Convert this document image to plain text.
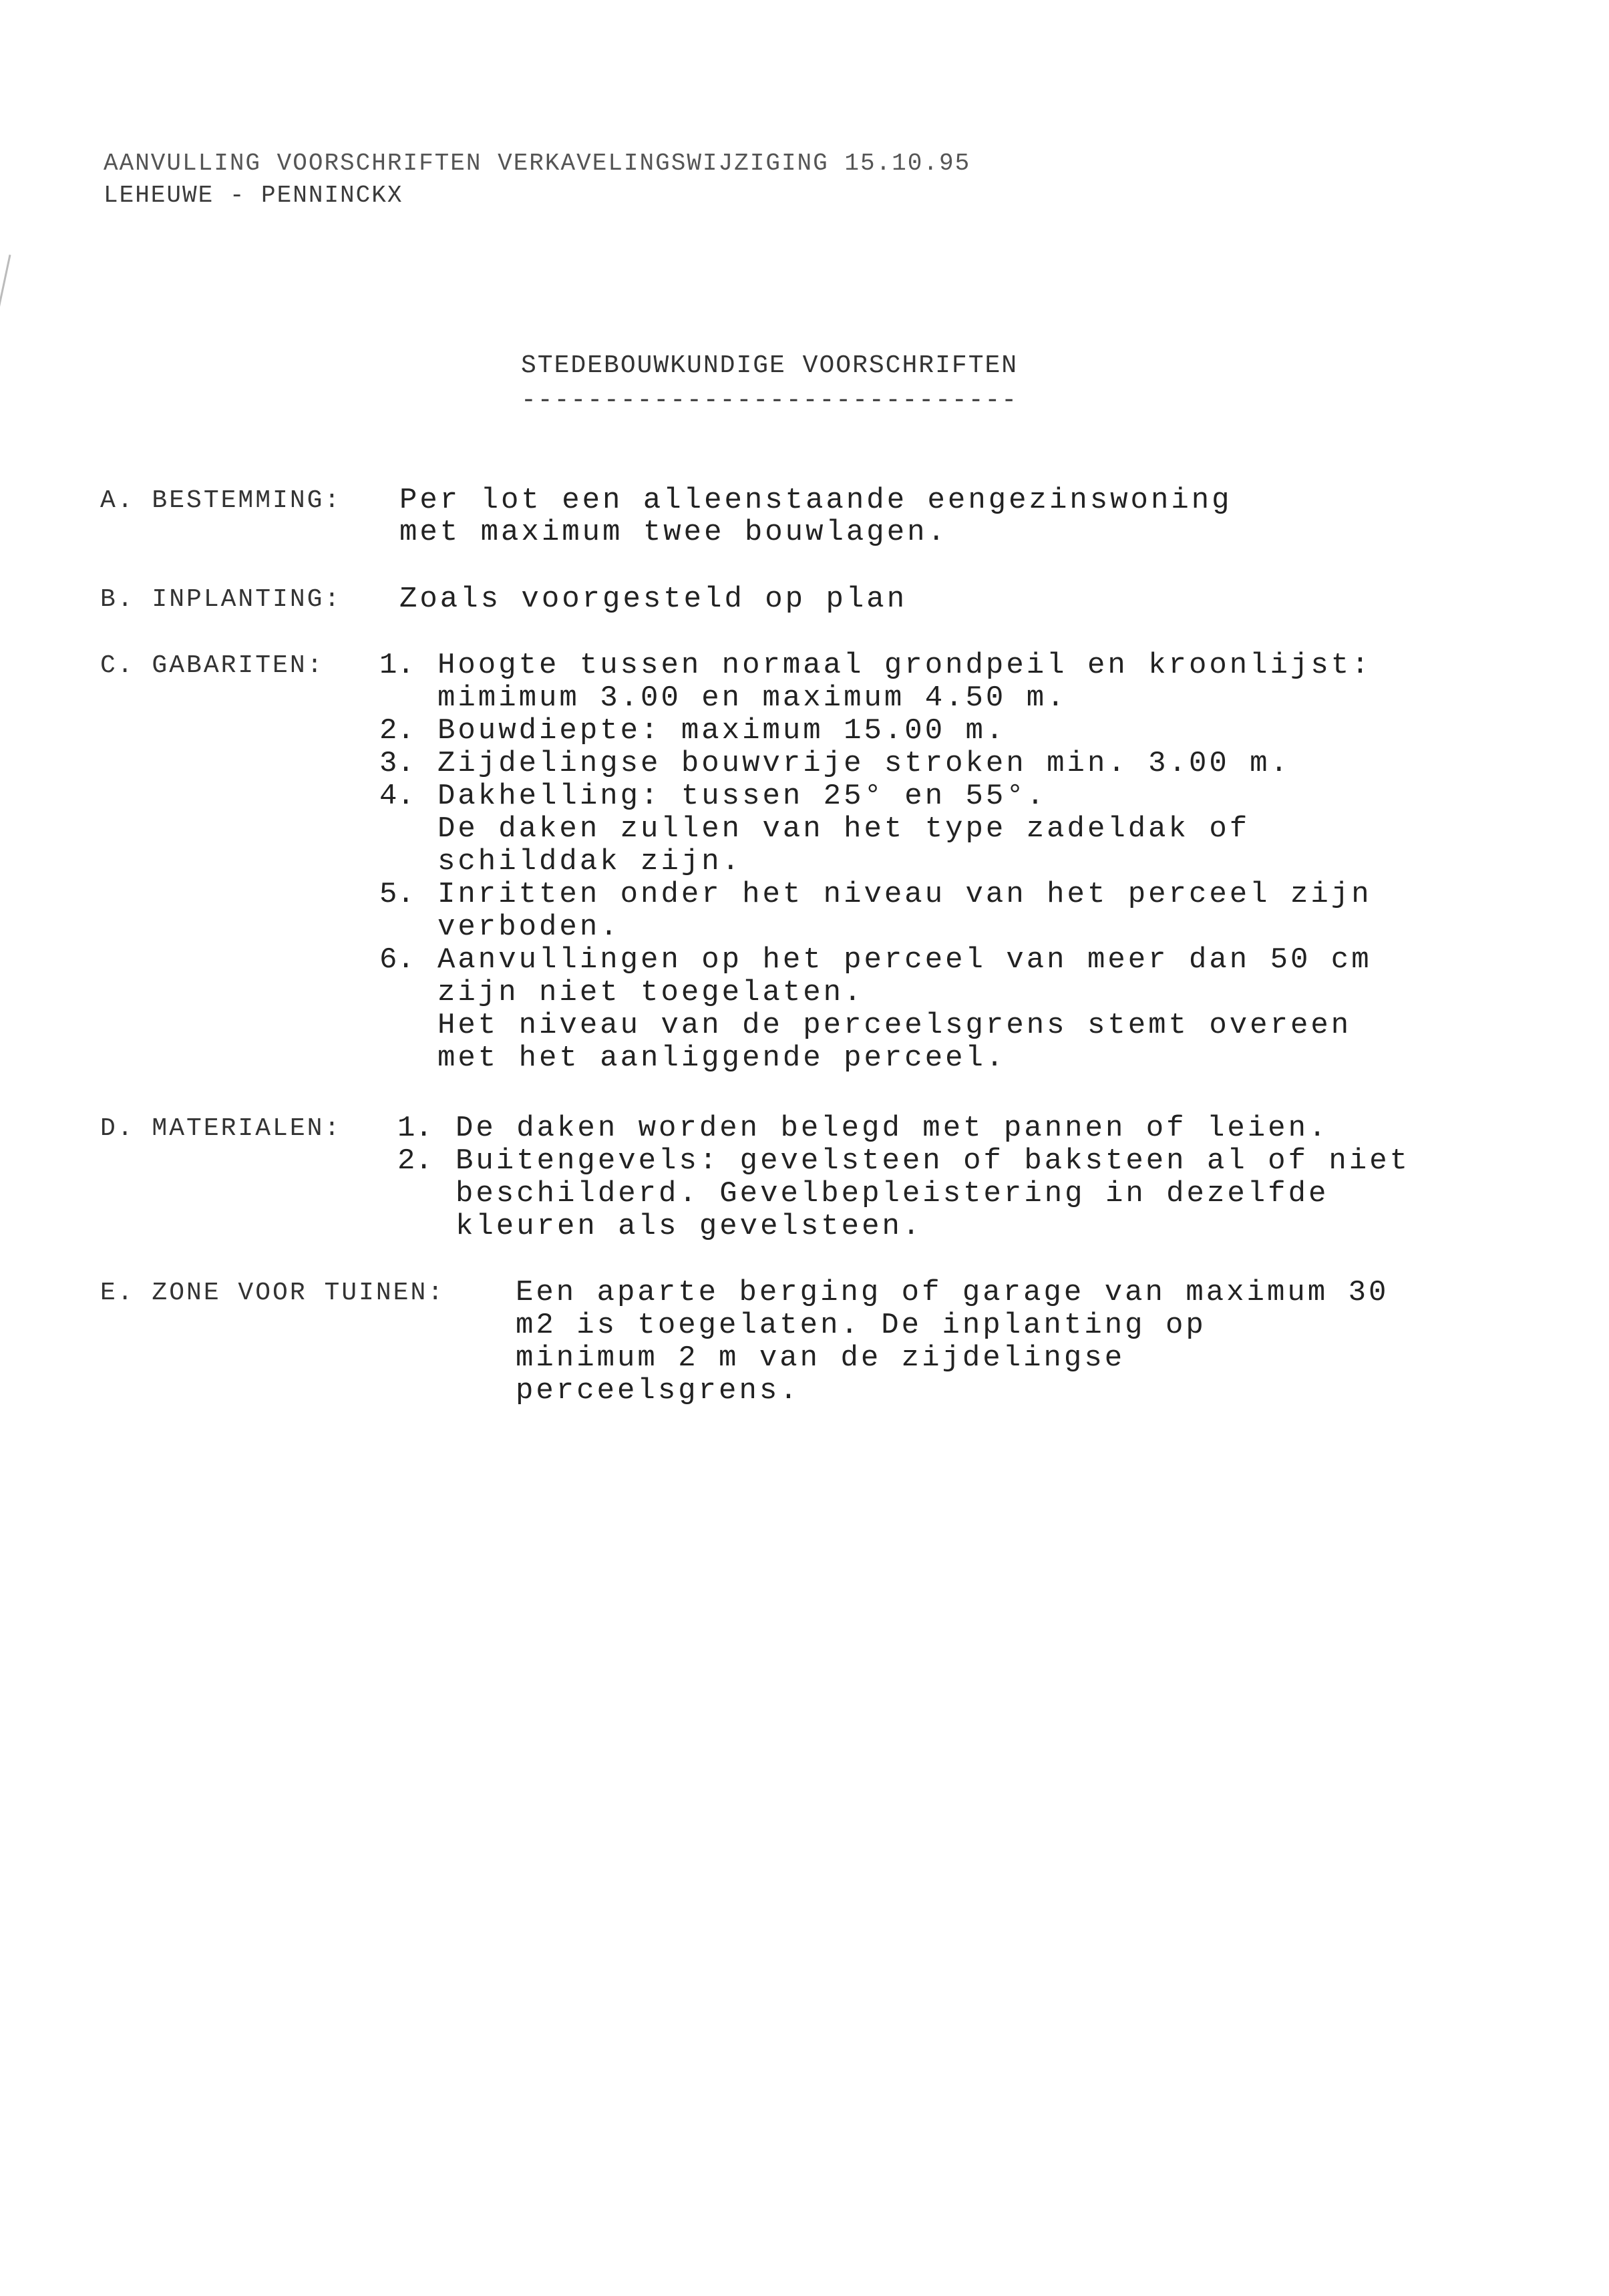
AANVULLING VOORSCHRIFTEN VERKAVELINGSWIJZIGING 15.10.95
LEHEUWE - PENNINCKX
STEDEBOUWKUNDIGE VOORSCHRIFTEN
------------------------------
A. BESTEMMING: Per lot een alleenstaande eengezinswoning
met maximum twee bouwlagen.
B. INPLANTING: Zoals voorgesteld op plan
C. GABARITEN: 1. Hoogte tussen normaal grondpeil en kroonlijst:
mimimum 3.00 en maximum 4.50 m.
2. Bouwdiepte: maximum 15.00 m.
3. Zijdelingse bouwvrije stroken min. 3.00 m.
4. Dakhelling: tussen 25° en 55°.
De daken zullen van het type zadeldak of
schilddak zijn.
5. Inritten onder het niveau van het perceel zijn
verboden.
6. Aanvullingen op het perceel van meer dan 50 cm
zijn niet toegelaten.
Het niveau van de perceelsgrens stemt overeen
met het aanliggende perceel.
D. MATERIALEN: 1. De daken worden belegd met pannen of leien.
2. Buitengevels: gevelsteen of baksteen al of niet
beschilderd. Gevelbepleistering in dezelfde
kleuren als gevelsteen.
E. ZONE VOOR TUINEN: Een aparte berging of garage van maximum 30
m2 is toegelaten. De inplanting op
minimum 2 m van de zijdelingse
perceelsgrens.
